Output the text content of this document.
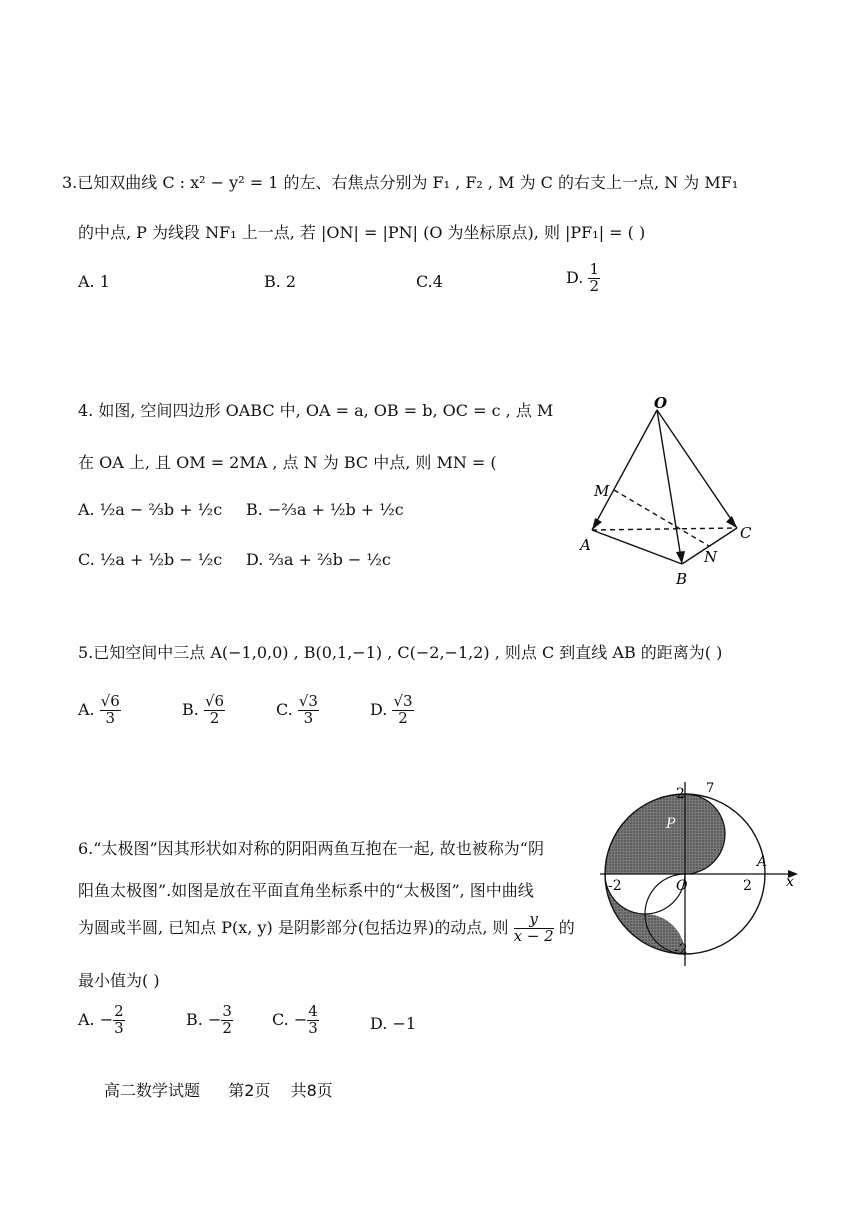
3.已知双曲线 C : x² − y² = 1 的左、右焦点分别为 F₁ , F₂ , M 为 C 的右支上一点, N 为 MF₁
的中点, P 为线段 NF₁ 上一点, 若 |ON| = |PN| (O 为坐标原点), 则 |PF₁| = ( )
A. 1	B. 2	C.4	D. $\frac{1}{2}$
4. 如图, 空间四边形 OABC 中, OA = a, OB = b, OC = c , 点 M
在 OA 上, 且 OM = 2MA , 点 N 为 BC 中点, 则 MN = (
A. ½a − ⅔b + ½c B. −⅔a + ½b + ½c
C. ½a + ½b − ½c D. ⅔a + ⅔b − ½c
O
A
B
C
M
N
5.已知空间中三点 A(−1,0,0) , B(0,1,−1) , C(−2,−1,2) , 则点 C 到直线 AB 的距离为( )
A. $\frac{√6}{3}$	B. $\frac{√6}{2}$	C. $\frac{√3}{3}$	D. $\frac{√3}{2}$
6.“太极图”因其形状如对称的阴阳两鱼互抱在一起, 故也被称为“阴
阳鱼太极图”.如图是放在平面直角坐标系中的“太极图”, 图中曲线
为圆或半圆, 已知点 P(x, y) 是阴影部分(包括边界)的动点, 则 $\frac{y}{x - 2}$ 的
最小值为( )
A. − $\frac{2}{3}$	B. − $\frac{3}{2} C$. − $\frac{4}{3}$	D. −1
2 7
P
A
-2	O	2 x
-2
高二数学试题 第2页 共8页
